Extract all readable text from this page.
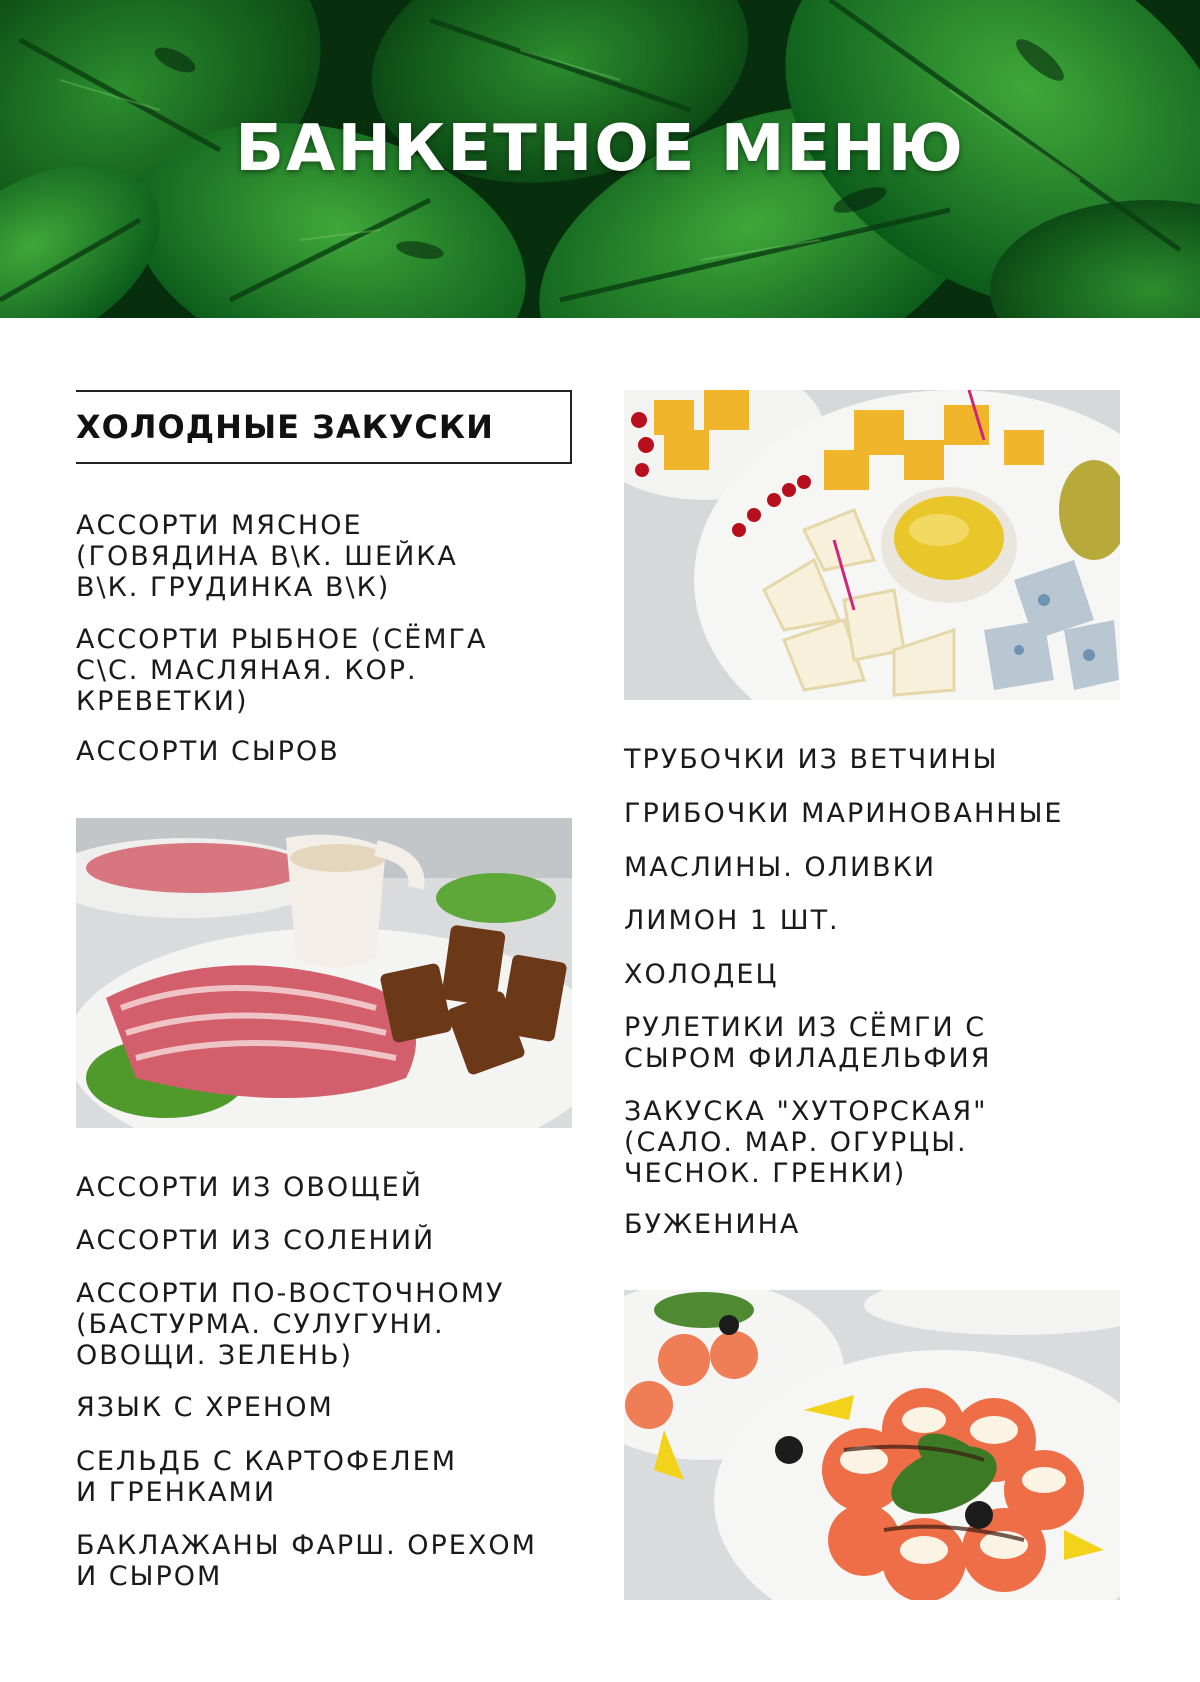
БАНКЕТНОЕ МЕНЮ
ХОЛОДНЫЕ ЗАКУСКИ
АССОРТИ МЯСНОЕ
(ГОВЯДИНА В\К. ШЕЙКА
В\К. ГРУДИНКА В\К)
АССОРТИ РЫБНОЕ (СЁМГА
С\С. МАСЛЯНАЯ. КОР.
КРЕВЕТКИ)
АССОРТИ СЫРОВ
АССОРТИ ИЗ ОВОЩЕЙ
АССОРТИ ИЗ СОЛЕНИЙ
АССОРТИ ПО-ВОСТОЧНОМУ
(БАСТУРМА. СУЛУГУНИ.
ОВОЩИ. ЗЕЛЕНЬ)
ЯЗЫК С ХРЕНОМ
СЕЛЬДБ С КАРТОФЕЛЕМ
И ГРЕНКАМИ
БАКЛАЖАНЫ ФАРШ. ОРЕХОМ
И СЫРОМ
ТРУБОЧКИ ИЗ ВЕТЧИНЫ
ГРИБОЧКИ МАРИНОВАННЫЕ
МАСЛИНЫ. ОЛИВКИ
ЛИМОН 1 ШТ.
ХОЛОДЕЦ
РУЛЕТИКИ ИЗ СЁМГИ С
СЫРОМ ФИЛАДЕЛЬФИЯ
ЗАКУСКА "ХУТОРСКАЯ"
(САЛО. МАР. ОГУРЦЫ.
ЧЕСНОК. ГРЕНКИ)
БУЖЕНИНА
